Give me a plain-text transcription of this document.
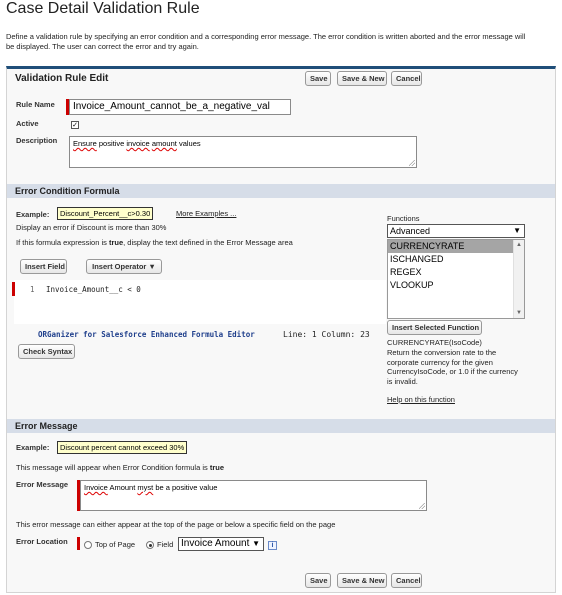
Case Detail Validation Rule
Define a validation rule by specifying an error condition and a corresponding error message. The error condition is written aborted and the error message will be displayed. The user can correct the error and try again.
Validation Rule Edit	Save	Save & New	Cancel
Rule Name	Invoice_Amount_cannot_be_a_negative_val
Active	✓
Description	Ensure positive invoice amount values
Error Condition Formula
Example:	Discount_Percent__c>0.30	More Examples ...
Display an error if Discount is more than 30%
If this formula expression is true, display the text defined in the Error Message area
Insert Field	Insert Operator ▼
1 Invoice_Amount__c < 0
ORGanizer for Salesforce Enhanced Formula Editor	Line: 1 Column: 23
Check Syntax
Functions
Advanced	▼
CURRENCYRATE
ISCHANGED
REGEX
VLOOKUP
▲
▼
Insert Selected Function
CURRENCYRATE(IsoCode)
Return the conversion rate to the corporate currency for the given CurrencyIsoCode, or 1.0 if the currency is invalid.
Help on this function
Error Message
Example:	Discount percent cannot exceed 30%
This message will appear when Error Condition formula is true
Error Message	Invoice Amount myst be a positive value
This error message can either appear at the top of the page or below a specific field on the page
Error Location	Top of Page	Field Invoice Amount ▼	i
Save	Save & New	Cancel
